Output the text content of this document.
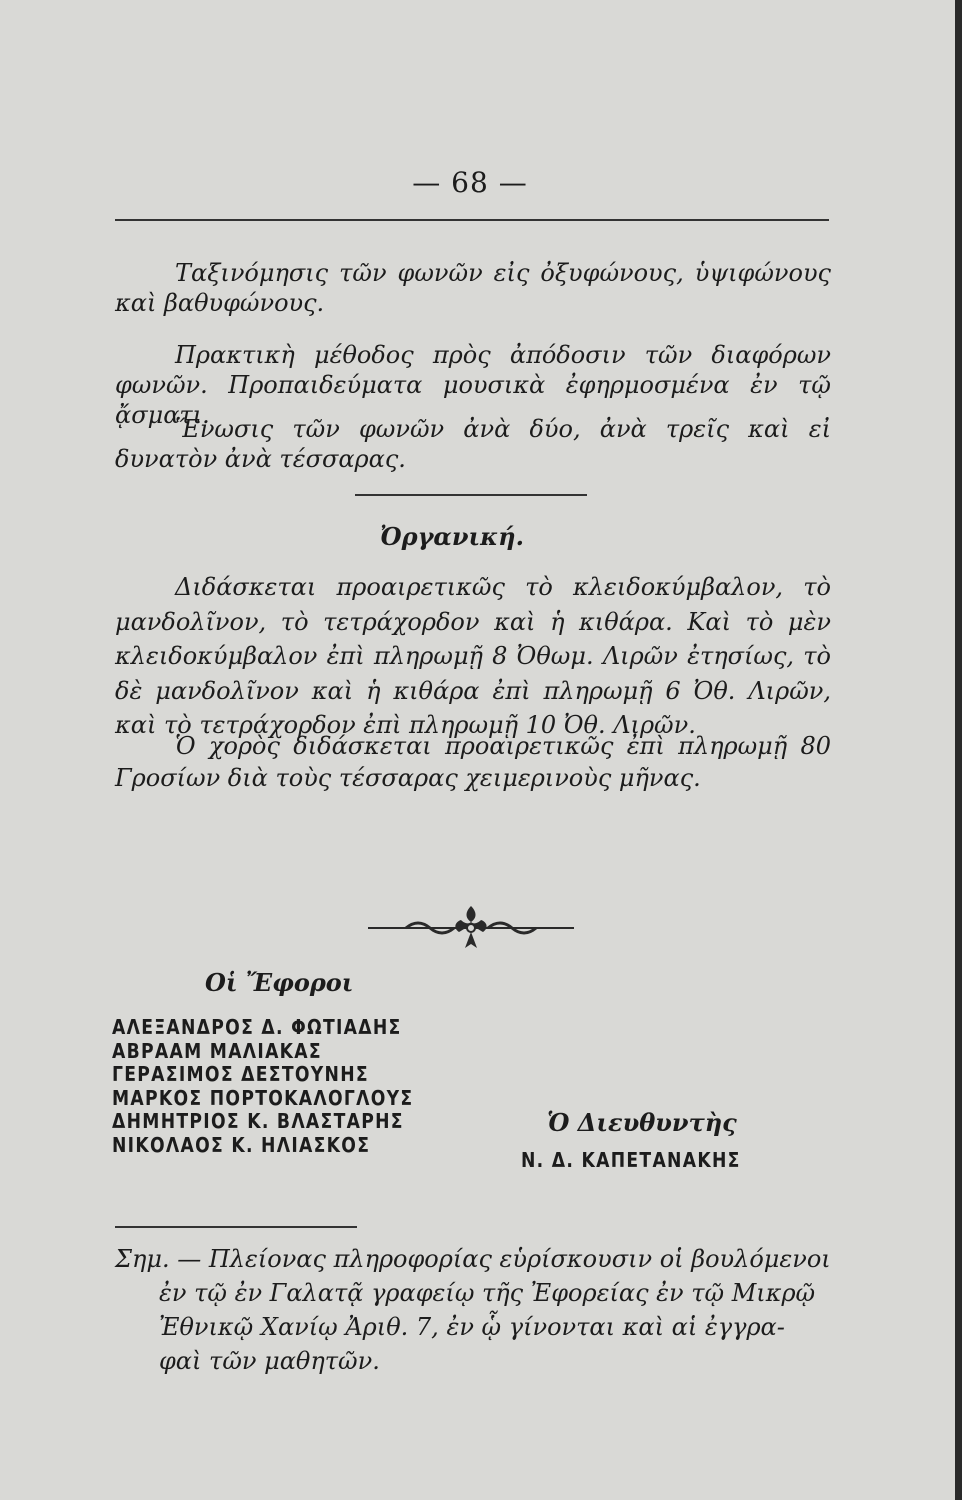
— 68 —

Ταξινόμησις τῶν φωνῶν εἰς ὀξυφώνους, ὑψιφώνους καὶ βαθυφώνους.

Πρακτικὴ μέθοδος πρὸς ἀπόδοσιν τῶν διαφόρων φωνῶν. Προπαιδεύματα μουσικὰ ἐφηρμοσμένα ἐν τῷ ᾄσματι.

Ἕνωσις τῶν φωνῶν ἀνὰ δύο, ἀνὰ τρεῖς καὶ εἰ δυνατὸν ἀνὰ τέσσαρας.

Ὀργανική.

Διδάσκεται προαιρετικῶς τὸ κλειδοκύμβαλον, τὸ μανδολῖνον, τὸ τετράχορδον καὶ ἡ κιθάρα. Καὶ τὸ μὲν κλειδοκύμβαλον ἐπὶ πληρωμῇ 8 Ὀθωμ. Λιρῶν ἐτησίως, τὸ δὲ μανδολῖνον καὶ ἡ κιθάρα ἐπὶ πληρωμῇ 6 Ὀθ. Λιρῶν, καὶ τὸ τετράχορδον ἐπὶ πληρωμῇ 10 Ὀθ. Λιρῶν.

Ὁ χορὸς διδάσκεται προαιρετικῶς ἐπὶ πληρωμῇ 80 Γροσίων διὰ τοὺς τέσσαρας χειμερινοὺς μῆνας.

Οἱ Ἔφοροι
ΑΛΕΞΑΝΔΡΟΣ Δ. ΦΩΤΙΑΔΗΣ
ΑΒΡΑΑΜ ΜΑΛΙΑΚΑΣ
ΓΕΡΑΣΙΜΟΣ ΔΕΣΤΟΥΝΗΣ
ΜΑΡΚΟΣ ΠΟΡΤΟΚΑΛΟΓΛΟΥΣ
ΔΗΜΗΤΡΙΟΣ Κ. ΒΛΑΣΤΑΡΗΣ
ΝΙΚΟΛΑΟΣ Κ. ΗΛΙΑΣΚΟΣ
Ὁ Διευθυντὴς
Ν. Δ. ΚΑΠΕΤΑΝΑΚΗΣ
Σημ. — Πλείονας πληροφορίας εὑρίσκουσιν οἱ βουλόμενοι
ἐν τῷ ἐν Γαλατᾷ γραφείῳ τῆς Ἐφορείας ἐν τῷ Μικρῷ
Ἐθνικῷ Χανίῳ Ἀριθ. 7, ἐν ᾧ γίνονται καὶ αἱ ἐγγρα-
φαὶ τῶν μαθητῶν.
